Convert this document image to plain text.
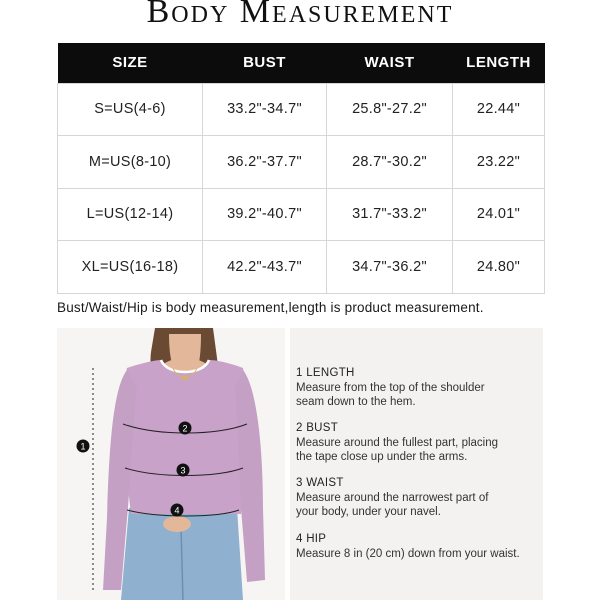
Body Measurement
SIZE	BUST	WAIST	LENGTH
S=US(4-6)	33.2"-34.7"	25.8"-27.2"	22.44"
M=US(8-10)	36.2"-37.7"	28.7"-30.2"	23.22"
L=US(12-14)	39.2"-40.7"	31.7"-33.2"	24.01"
XL=US(16-18)	42.2"-43.7"	34.7"-36.2"	24.80"
Bust/Waist/Hip is body measurement,length is product measurement.
1
2
3
4
1 LENGTH
Measure from the top of the shoulder
seam down to the hem.
2 BUST
Measure around the fullest part, placing
the tape close up under the arms.
3 WAIST
Measure around the narrowest part of
your body, under your navel.
4 HIP
Measure 8 in (20 cm) down from your waist.
